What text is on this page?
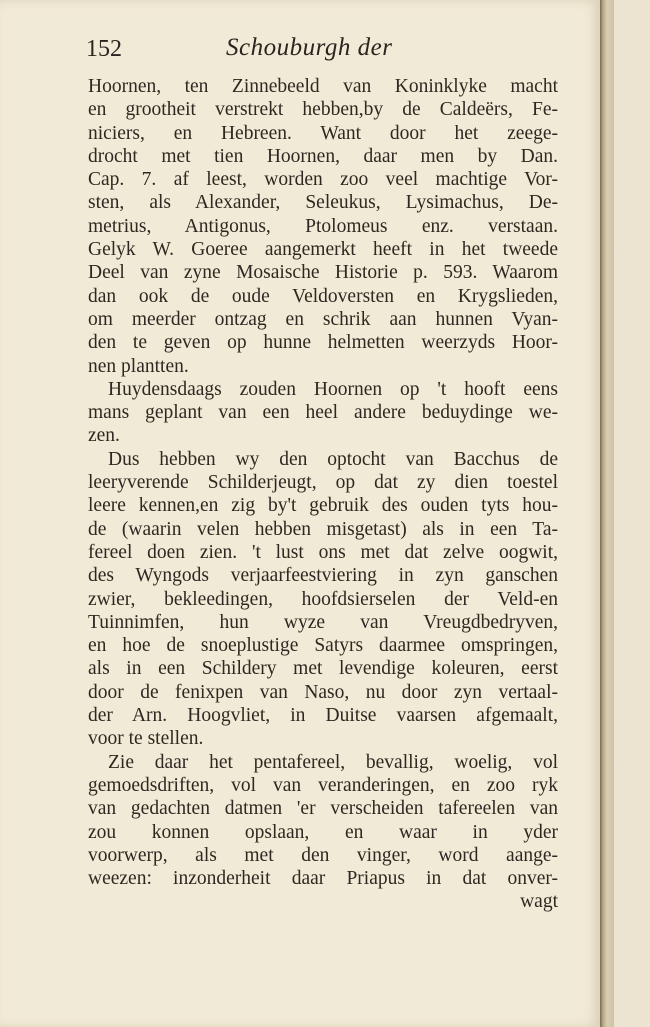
152	Schouburgh der
Hoornen, ten Zinnebeeld van Koninklyke macht
en grootheit verstrekt hebben,by de Caldeërs, Fe-
niciers, en Hebreen. Want door het zeege-
drocht met tien Hoornen, daar men by Dan.
Cap. 7. af leest, worden zoo veel machtige Vor-
sten, als Alexander, Seleukus, Lysimachus, De-
metrius, Antigonus, Ptolomeus enz. verstaan.
Gelyk W. Goeree aangemerkt heeft in het tweede
Deel van zyne Mosaische Historie p. 593. Waarom
dan ook de oude Veldoversten en Krygslieden,
om meerder ontzag en schrik aan hunnen Vyan-
den te geven op hunne helmetten weerzyds Hoor-
nen plantten.
Huydensdaags zouden Hoornen op 't hooft eens
mans geplant van een heel andere beduydinge we-
zen.
Dus hebben wy den optocht van Bacchus de
leeryverende Schilderjeugt, op dat zy dien toestel
leere kennen,en zig by't gebruik des ouden tyts hou-
de (waarin velen hebben misgetast) als in een Ta-
fereel doen zien. 't lust ons met dat zelve oogwit,
des Wyngods verjaarfeestviering in zyn ganschen
zwier, bekleedingen, hoofdsierselen der Veld-en
Tuinnimfen, hun wyze van Vreugdbedryven,
en hoe de snoeplustige Satyrs daarmee omspringen,
als in een Schildery met levendige koleuren, eerst
door de fenixpen van Naso, nu door zyn vertaal-
der Arn. Hoogvliet, in Duitse vaarsen afgemaalt,
voor te stellen.
Zie daar het pentafereel, bevallig, woelig, vol
gemoedsdriften, vol van veranderingen, en zoo ryk
van gedachten datmen 'er verscheiden tafereelen van
zou konnen opslaan, en waar in yder
voorwerp, als met den vinger, word aange-
weezen: inzonderheit daar Priapus in dat onver-
wagt
